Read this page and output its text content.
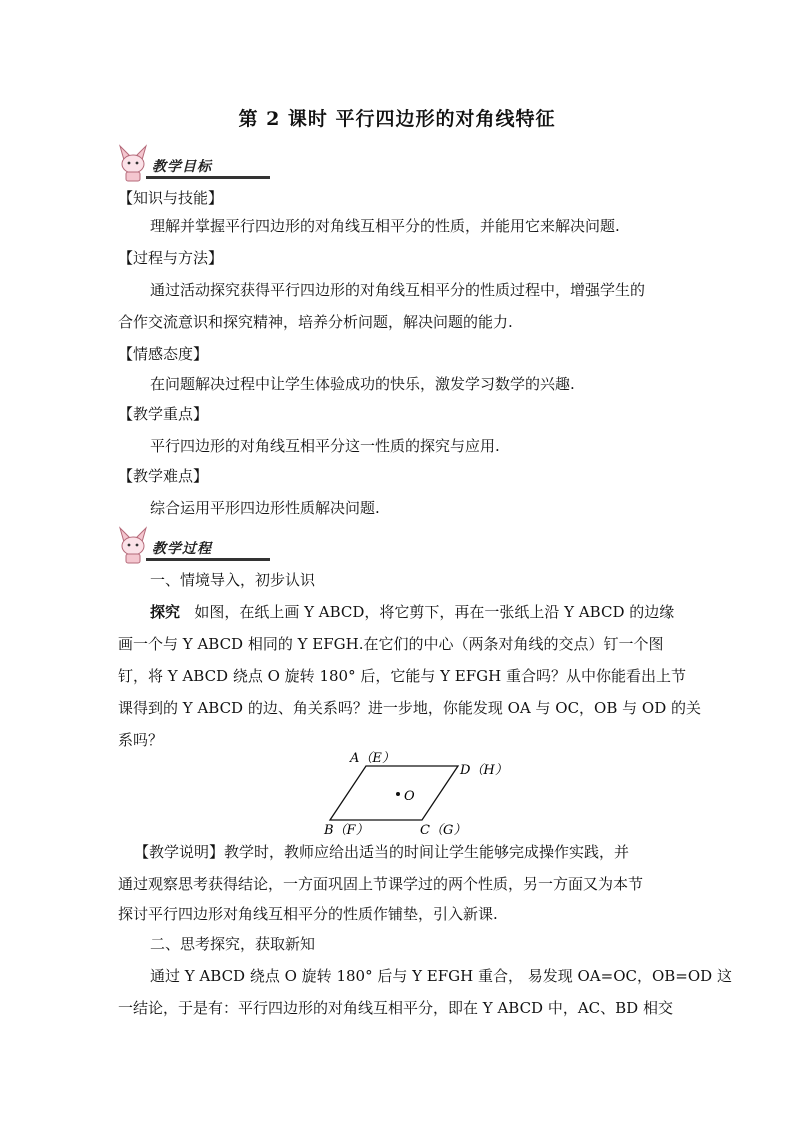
第 2 课时 平行四边形的对角线特征
教学目标
【知识与技能】
理解并掌握平行四边形的对角线互相平分的性质，并能用它来解决问题.
【过程与方法】
通过活动探究获得平行四边形的对角线互相平分的性质过程中，增强学生的
合作交流意识和探究精神，培养分析问题，解决问题的能力.
【情感态度】
在问题解决过程中让学生体验成功的快乐，激发学习数学的兴趣.
【教学重点】
平行四边形的对角线互相平分这一性质的探究与应用.
【教学难点】
综合运用平形四边形性质解决问题.
教学过程
一、情境导入，初步认识
探究 如图，在纸上画 Y ABCD，将它剪下，再在一张纸上沿 Y ABCD 的边缘
画一个与 Y ABCD 相同的 Y EFGH.在它们的中心（两条对角线的交点）钉一个图
钉，将 Y ABCD 绕点 O 旋转 180° 后，它能与 Y EFGH 重合吗？从中你能看出上节
课得到的 Y ABCD 的边、角关系吗？进一步地，你能发现 OA 与 OC，OB 与 OD 的关
系吗？
A（E）
D（H）
O
B（F）	C（G）
【教学说明】教学时，教师应给出适当的时间让学生能够完成操作实践，并
通过观察思考获得结论，一方面巩固上节课学过的两个性质，另一方面又为本节
探讨平行四边形对角线互相平分的性质作铺垫，引入新课.
二、思考探究，获取新知
通过 Y ABCD 绕点 O 旋转 180° 后与 Y EFGH 重合， 易发现 OA=OC，OB=OD 这
一结论，于是有：平行四边形的对角线互相平分，即在 Y ABCD 中，AC、BD 相交
